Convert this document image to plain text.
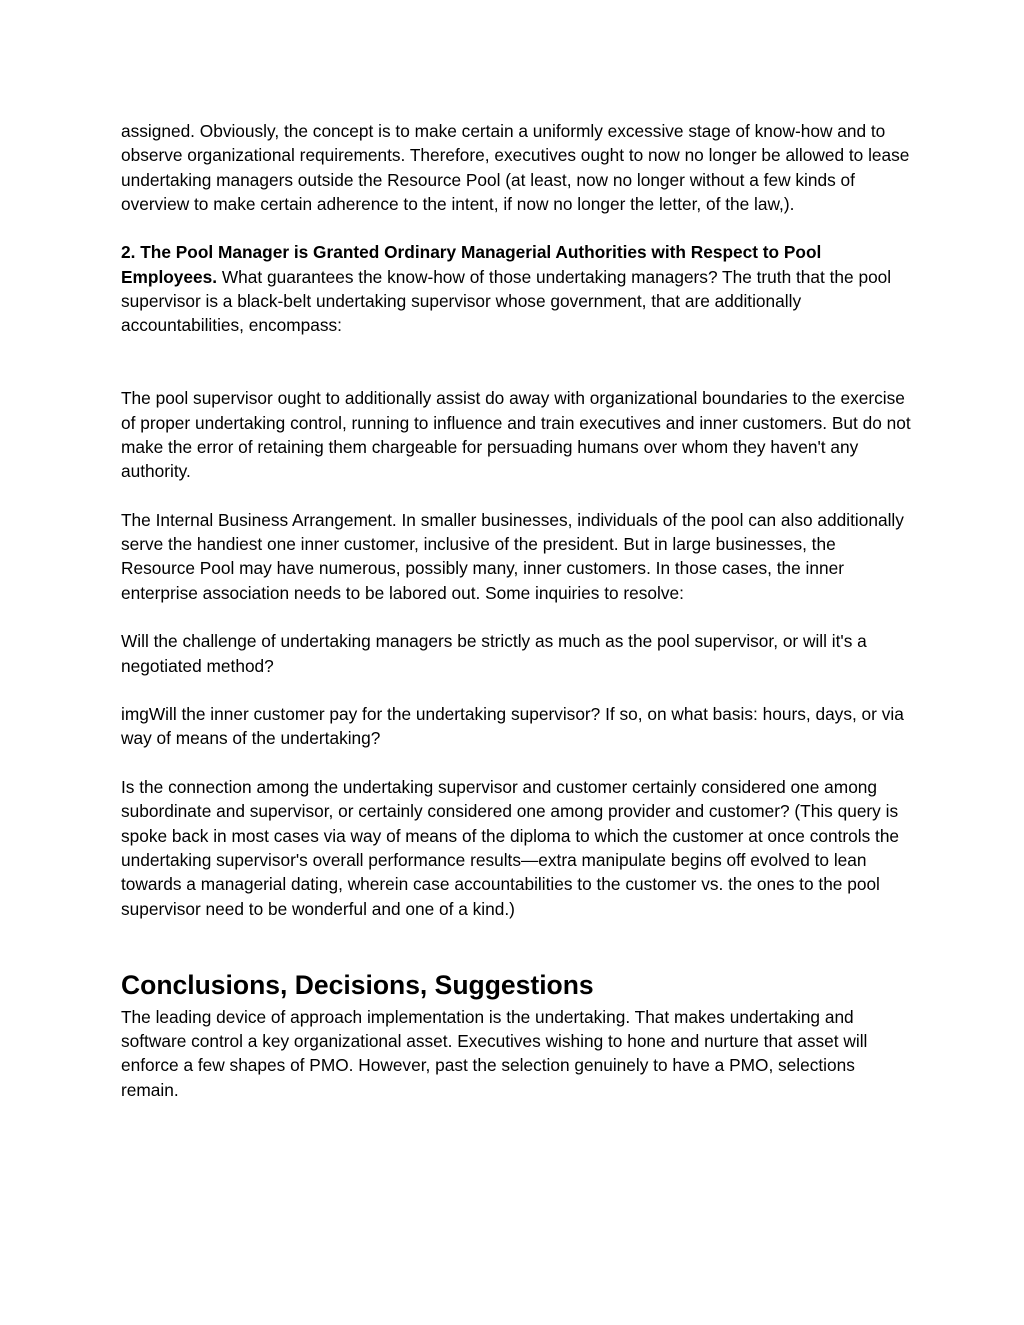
assigned. Obviously, the concept is to make certain a uniformly excessive stage of know-how and to observe organizational requirements. Therefore, executives ought to now no longer be allowed to lease undertaking managers outside the Resource Pool (at least, now no longer without a few kinds of overview to make certain adherence to the intent, if now no longer the letter, of the law,).

2. The Pool Manager is Granted Ordinary Managerial Authorities with Respect to Pool Employees. What guarantees the know-how of those undertaking managers? The truth that the pool supervisor is a black-belt undertaking supervisor whose government, that are additionally accountabilities, encompass:

The pool supervisor ought to additionally assist do away with organizational boundaries to the exercise of proper undertaking control, running to influence and train executives and inner customers. But do not make the error of retaining them chargeable for persuading humans over whom they haven't any authority.

The Internal Business Arrangement. In smaller businesses, individuals of the pool can also additionally serve the handiest one inner customer, inclusive of the president. But in large businesses, the Resource Pool may have numerous, possibly many, inner customers. In those cases, the inner enterprise association needs to be labored out. Some inquiries to resolve:

Will the challenge of undertaking managers be strictly as much as the pool supervisor, or will it's a negotiated method?

imgWill the inner customer pay for the undertaking supervisor? If so, on what basis: hours, days, or via way of means of the undertaking?

Is the connection among the undertaking supervisor and customer certainly considered one among subordinate and supervisor, or certainly considered one among provider and customer? (This query is spoke back in most cases via way of means of the diploma to which the customer at once controls the undertaking supervisor's overall performance results—extra manipulate begins off evolved to lean towards a managerial dating, wherein case accountabilities to the customer vs. the ones to the pool supervisor need to be wonderful and one of a kind.)

Conclusions, Decisions, Suggestions

The leading device of approach implementation is the undertaking. That makes undertaking and software control a key organizational asset. Executives wishing to hone and nurture that asset will enforce a few shapes of PMO. However, past the selection genuinely to have a PMO, selections remain.
